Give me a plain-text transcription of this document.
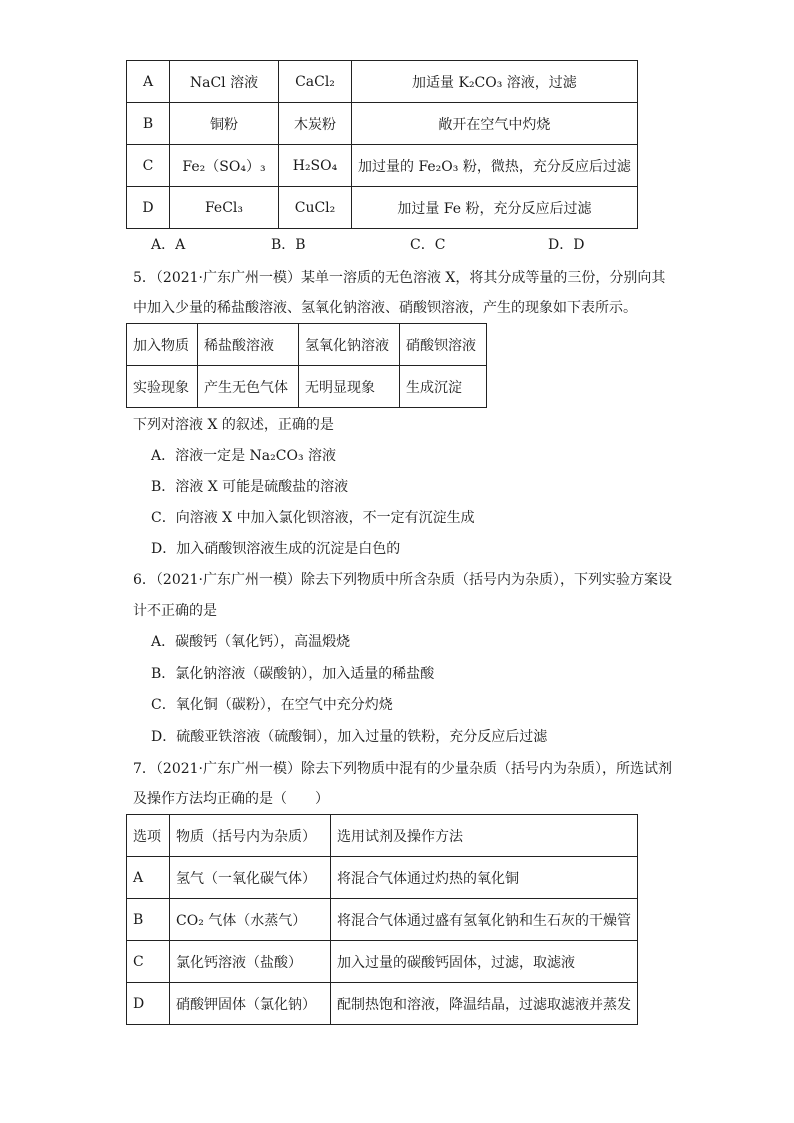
A	NaCl 溶液	CaCl₂	加适量 K₂CO₃ 溶液，过滤
B	铜粉	木炭粉	敞开在空气中灼烧
C	Fe₂（SO₄）₃	H₂SO₄	加过量的 Fe₂O₃ 粉，微热，充分反应后过滤
D	FeCl₃	CuCl₂	加过量 Fe 粉，充分反应后过滤
A．A	B．B	C．C	D．D
5．（2021·广东广州一模）某单一溶质的无色溶液 X，将其分成等量的三份，分别向其
中加入少量的稀盐酸溶液、氢氧化钠溶液、硝酸钡溶液，产生的现象如下表所示。
加入物质	稀盐酸溶液	氢氧化钠溶液	硝酸钡溶液
实验现象	产生无色气体	无明显现象	生成沉淀
下列对溶液 X 的叙述，正确的是
A．溶液一定是 Na₂CO₃ 溶液
B．溶液 X 可能是硫酸盐的溶液
C．向溶液 X 中加入氯化钡溶液，不一定有沉淀生成
D．加入硝酸钡溶液生成的沉淀是白色的
6．（2021·广东广州一模）除去下列物质中所含杂质（括号内为杂质），下列实验方案设
计不正确的是
A．碳酸钙（氧化钙），高温煅烧
B．氯化钠溶液（碳酸钠），加入适量的稀盐酸
C．氧化铜（碳粉），在空气中充分灼烧
D．硫酸亚铁溶液（硫酸铜），加入过量的铁粉，充分反应后过滤
7．（2021·广东广州一模）除去下列物质中混有的少量杂质（括号内为杂质），所选试剂
及操作方法均正确的是（　　）
选项	物质（括号内为杂质）	选用试剂及操作方法
A	氢气（一氧化碳气体）	将混合气体通过灼热的氧化铜
B	CO₂ 气体（水蒸气）	将混合气体通过盛有氢氧化钠和生石灰的干燥管
C	氯化钙溶液（盐酸）	加入过量的碳酸钙固体，过滤，取滤液
D	硝酸钾固体（氯化钠）	配制热饱和溶液，降温结晶，过滤取滤液并蒸发
